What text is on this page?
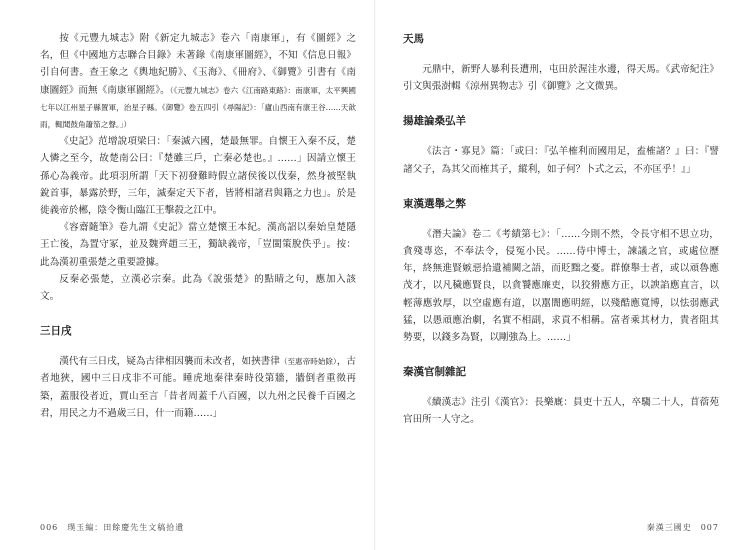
按《元豐九城志》附《新定九城志》卷六「南康軍」，有《圖經》之名，但《中國地方志聯合目錄》未著錄《南康軍圖經》，不知《信息日報》引自何書。查王象之《輿地紀勝》、《玉海》、《冊府》、《御覽》引書有《南康圖經》而無《南康軍圖經》。（《元豐九城志》卷六《江南路東路》：南康軍，太平興國七年以江州星子縣置軍，治星子縣。《御覽》卷五四引《尋陽記》：「廬山西南有康王谷……天歆雨，輒聞鼓角簫笳之聲。」）

《史記》范增說項梁曰：「秦滅六國，楚最無罪。自懷王入秦不反，楚人憐之至今，故楚南公曰：『楚雖三戶，亡秦必楚也。』……」因請立懷王孫心為義帝。此項羽所謂「天下初發難時假立諸侯後以伐秦，然身被堅執銳首事，暴露於野，三年，滅秦定天下者，皆將相諸君與籍之力也」。於是徙義帝於郴，陰令衡山臨江王擊殺之江中。

《容齋隨筆》卷九謂《史記》當立楚懷王本紀。漢高詔以秦始皇楚隱王亡後，為置守冢，並及魏齊趙三王，獨缺義帝，「豈閩策脫佚乎」。按：此為漢初重張楚之重要證據。

反秦必張楚，立漢必宗秦。此為《說張楚》的點睛之句，應加入該文。

三日戌

漢代有三日戌，疑為古律相因襲而未改者，如挾書律（至惠帝時始除），古者地狹，國中三日戌非不可能。睡虎地秦律秦時役第牆，牆倒者重徵再築，蓋服役者近，賈山至言「昔者周蓋千八百國，以九州之民養千百國之君，用民之力不過歲三日，什一而籍……」

天馬

元鼎中，新野人暴利長遭刑，屯田於渥洼水邊，得天馬。《武帝紀注》引文與張澍輯《涼州異物志》引《御覽》之文微異。

揚雄論桑弘羊

《法言・寡見》篇：「或曰：『弘羊榷利而國用足，盍榷諸？』曰：『譬諸父子，為其父而榷其子，縱利，如子何？卜式之云，不亦匡乎！』」

東漢選舉之弊

《潛夫論》卷二《考績第七》：「……今則不然，令長守相不思立功，貪殘專恣，不奉法令，侵冤小民。……侍中博士，諫議之官，或處位歷年，終無進賢嫉惡拾遺補闕之語，而貶黜之憂。群僚舉士者，或以頑魯應茂才，以凡穢應賢良，以貪饕應廉吏，以狡猾應方正，以諛諂應直言，以輕薄應敦厚，以空虛應有道，以嚚闇應明經，以殘酷應寬博，以怯弱應武猛，以愚頑應治劇，名實不相副，求貢不相稱。富者乘其材力，貴者阻其勢要，以錢多為賢，以剛強為上。……」

秦漢官制雜記

《續漢志》注引《漢官》：長樂廐：員吏十五人，卒騶二十人，苜蓿苑官田所一人守之。

006　璞玉編：田餘慶先生文稿拾遺	秦漢三國史　007
